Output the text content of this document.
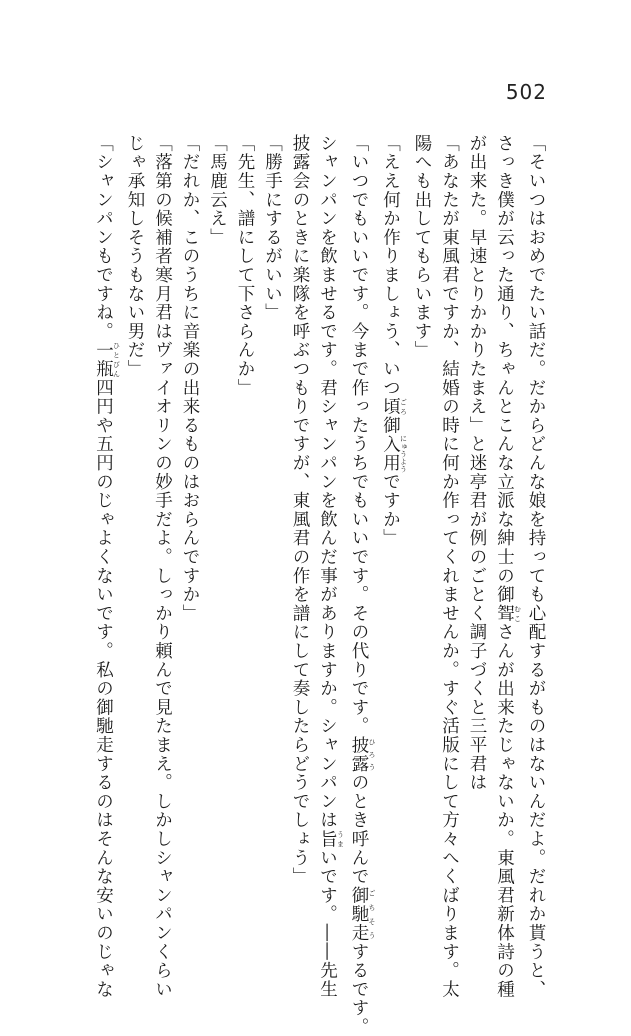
502

「そいつはおめでたい話だ。だからどんな娘を持っても心配するがものはないんだよ。だれか貰うと、

さっき僕が云った通り、ちゃんとこんな立派な紳士の御聟 むこさんが出来たじゃないか。東風君新体詩の種

が出来た。早速とりかかりたまえ」と迷亭君が例のごとく調子づくと三平君は

「あなたが東風君ですか、結婚の時に何か作ってくれませんか。すぐ活版にして方々へくばります。太

陽へも出してもらいます」

「ええ何か作りましょう、いつ頃 ごろ御入用 にゅうようですか」

「いつでもいいです。今まで作ったうちでもいいです。その代りです。披露 ひろうのとき呼んで御馳走 ごちそうするです。

シャンパンを飲ませるです。君シャンパンを飲んだ事がありますか。シャンパンは旨 うまいです。――先生

披露会のときに楽隊を呼ぶつもりですが、東風君の作を譜にして奏したらどうでしょう」

「勝手にするがいい」

「先生、譜にして下さらんか」

「馬鹿云え」

「だれか、このうちに音楽の出来るものはおらんですか」

「落第の候補者寒月君はヴァイオリンの妙手だよ。しっかり頼んで見たまえ。しかしシャンパンくらい

じゃ承知しそうもない男だ」

「シャンパンもですね。一瓶 ひとびん四円や五円のじゃよくないです。私の御馳走するのはそんな安いのじゃな
